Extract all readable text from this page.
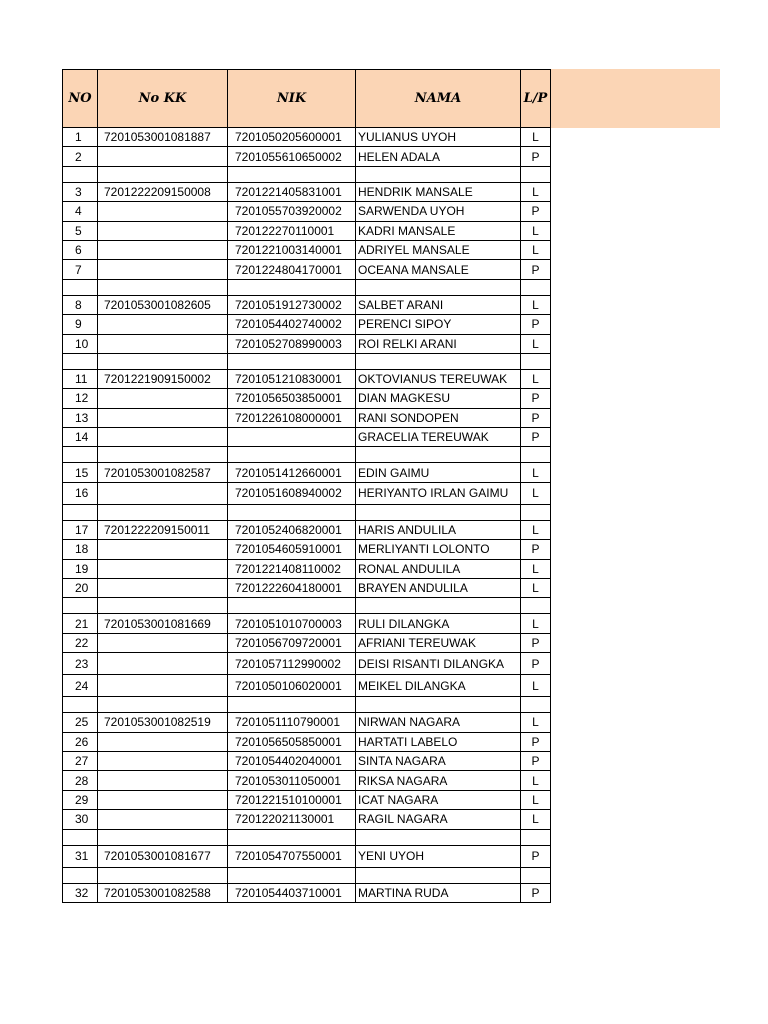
NO	No KK	NIK	NAMA	L/P
1	7201053001081887	7201050205600001	YULIANUS UYOH	L
2		7201055610650002	HELEN ADALA	P

3	7201222209150008	7201221405831001	HENDRIK MANSALE	L
4		7201055703920002	SARWENDA UYOH	P
5		720122270110001	KADRI MANSALE	L
6		7201221003140001	ADRIYEL MANSALE	L
7		7201224804170001	OCEANA MANSALE	P

8	7201053001082605	7201051912730002	SALBET ARANI	L
9		7201054402740002	PERENCI SIPOY	P
10		7201052708990003	ROI RELKI ARANI	L

11	7201221909150002	7201051210830001	OKTOVIANUS TEREUWAK	L
12		7201056503850001	DIAN MAGKESU	P
13		7201226108000001	RANI SONDOPEN	P
14			GRACELIA TEREUWAK	P

15	7201053001082587	7201051412660001	EDIN GAIMU	L
16		7201051608940002	HERIYANTO IRLAN GAIMU	L

17	7201222209150011	7201052406820001	HARIS ANDULILA	L
18		7201054605910001	MERLIYANTI LOLONTO	P
19		7201221408110002	RONAL ANDULILA	L
20		7201222604180001	BRAYEN ANDULILA	L

21	7201053001081669	7201051010700003	RULI DILANGKA	L
22		7201056709720001	AFRIANI TEREUWAK	P
23		7201057112990002	DEISI RISANTI DILANGKA	P
24		7201050106020001	MEIKEL DILANGKA	L

25	7201053001082519	7201051110790001	NIRWAN NAGARA	L
26		7201056505850001	HARTATI LABELO	P
27		7201054402040001	SINTA NAGARA	P
28		7201053011050001	RIKSA NAGARA	L
29		7201221510100001	ICAT NAGARA	L
30		720122021130001	RAGIL NAGARA	L

31	7201053001081677	7201054707550001	YENI UYOH	P

32	7201053001082588	7201054403710001	MARTINA RUDA	P
